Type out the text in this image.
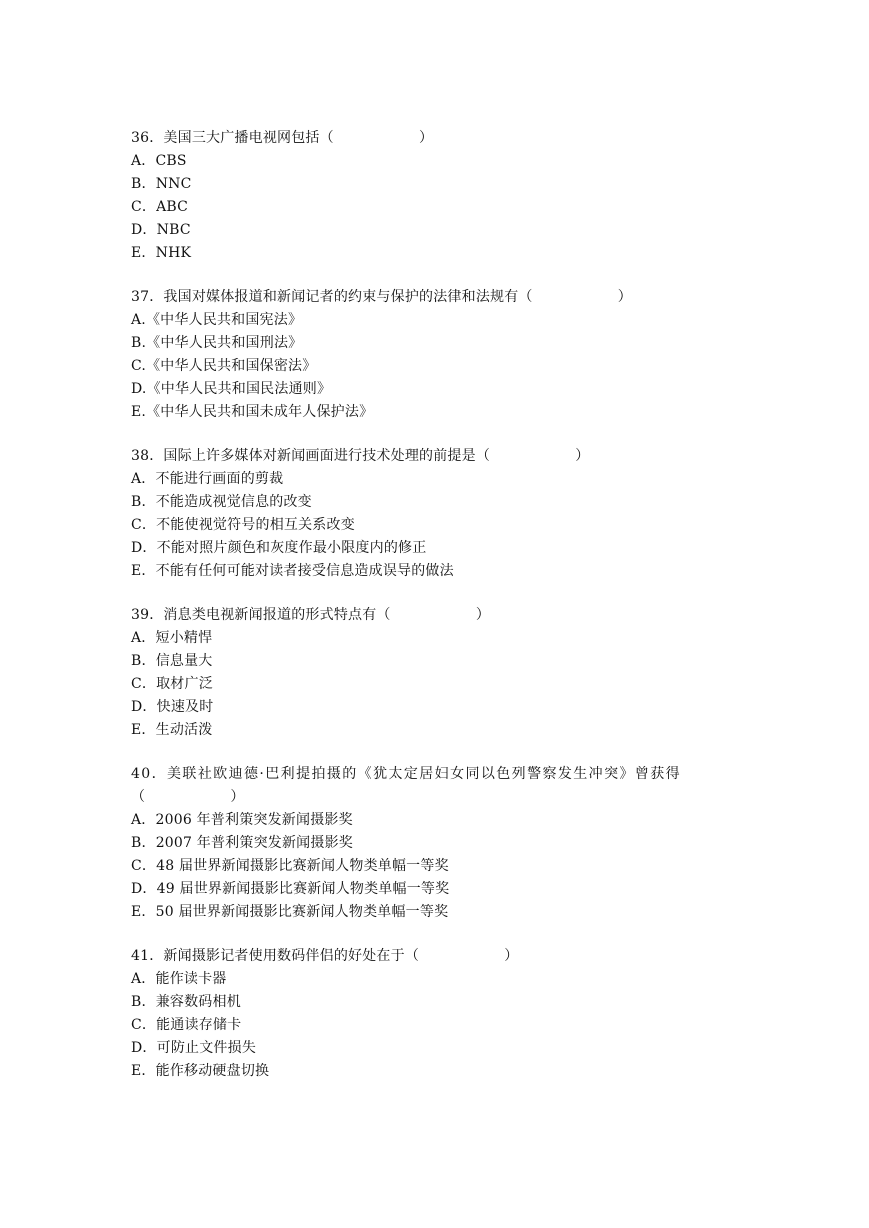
36．美国三大广播电视网包括（　　　　　　）

A．CBS

B．NNC

C．ABC

D．NBC

E．NHK

37．我国对媒体报道和新闻记者的约束与保护的法律和法规有（　　　　　　）

A.《中华人民共和国宪法》

B.《中华人民共和国刑法》

C.《中华人民共和国保密法》

D.《中华人民共和国民法通则》

E.《中华人民共和国未成年人保护法》

38．国际上许多媒体对新闻画面进行技术处理的前提是（　　　　　　）

A．不能进行画面的剪裁

B．不能造成视觉信息的改变

C．不能使视觉符号的相互关系改变

D．不能对照片颜色和灰度作最小限度内的修正

E．不能有任何可能对读者接受信息造成误导的做法

39．消息类电视新闻报道的形式特点有（　　　　　　）

A．短小精悍

B．信息量大

C．取材广泛

D．快速及时

E．生动活泼

40．美联社欧迪德·巴利提拍摄的《犹太定居妇女同以色列警察发生冲突》曾获得

（　　　　　　）

A．2006 年普利策突发新闻摄影奖

B．2007 年普利策突发新闻摄影奖

C．48 届世界新闻摄影比赛新闻人物类单幅一等奖

D．49 届世界新闻摄影比赛新闻人物类单幅一等奖

E．50 届世界新闻摄影比赛新闻人物类单幅一等奖

41．新闻摄影记者使用数码伴侣的好处在于（　　　　　　）

A．能作读卡器

B．兼容数码相机

C．能通读存储卡

D．可防止文件损失

E．能作移动硬盘切换
